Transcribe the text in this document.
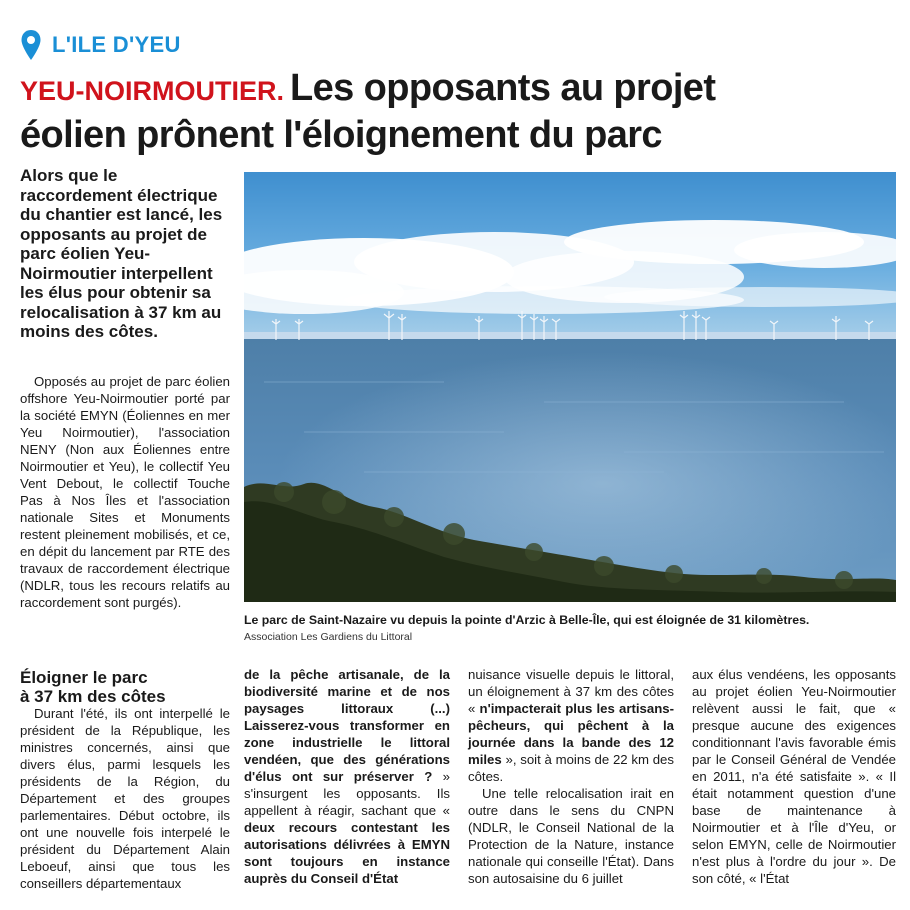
L'ILE D'YEU
YEU-NOIRMOUTIER. Les opposants au projet
éolien prônent l'éloignement du parc
Alors que le raccordement électrique du chantier est lancé, les opposants au projet de parc éolien Yeu-Noirmoutier interpellent les élus pour obtenir sa relocalisation à 37 km au moins des côtes.
Opposés au projet de parc éolien offshore Yeu-Noirmoutier porté par la société EMYN (Éoliennes en mer Yeu Noirmoutier), l'association NENY (Non aux Éoliennes entre Noirmoutier et Yeu), le collectif Yeu Vent Debout, le collectif Touche Pas à Nos Îles et l'association nationale Sites et Monuments restent pleinement mobilisés, et ce, en dépit du lancement par RTE des travaux de raccordement électrique (NDLR, tous les recours relatifs au raccordement sont purgés).
Le parc de Saint-Nazaire vu depuis la pointe d'Arzic à Belle-Île, qui est éloignée de 31 kilomètres.
Association Les Gardiens du Littoral
Éloigner le parc
à 37 km des côtes
Durant l'été, ils ont interpellé le président de la République, les ministres concernés, ainsi que divers élus, parmi lesquels les présidents de la Région, du Département et des groupes parlementaires. Début octobre, ils ont une nouvelle fois interpelé le président du Département Alain Leboeuf, ainsi que tous les conseillers départementaux
de la pêche artisanale, de la biodiversité marine et de nos paysages littoraux (...) Laisserez-vous transformer en zone industrielle le littoral vendéen, que des générations d'élus ont sur préserver ? » s'insurgent les opposants. Ils appellent à réagir, sachant que « deux recours contestant les autorisations délivrées à EMYN sont toujours en instance auprès du Conseil d'État
nuisance visuelle depuis le littoral, un éloignement à 37 km des côtes « n'impacterait plus les artisans-pêcheurs, qui pêchent à la journée dans la bande des 12 miles », soit à moins de 22 km des côtes.
Une telle relocalisation irait en outre dans le sens du CNPN (NDLR, le Conseil National de la Protection de la Nature, instance nationale qui conseille l'État). Dans son autosaisine du 6 juillet
aux élus vendéens, les opposants au projet éolien Yeu-Noirmoutier relèvent aussi le fait, que « presque aucune des exigences conditionnant l'avis favorable émis par le Conseil Général de Vendée en 2011, n'a été satisfaite ». « Il était notamment question d'une base de maintenance à Noirmoutier et à l'Île d'Yeu, or selon EMYN, celle de Noirmoutier n'est plus à l'ordre du jour ». De son côté, « l'État
